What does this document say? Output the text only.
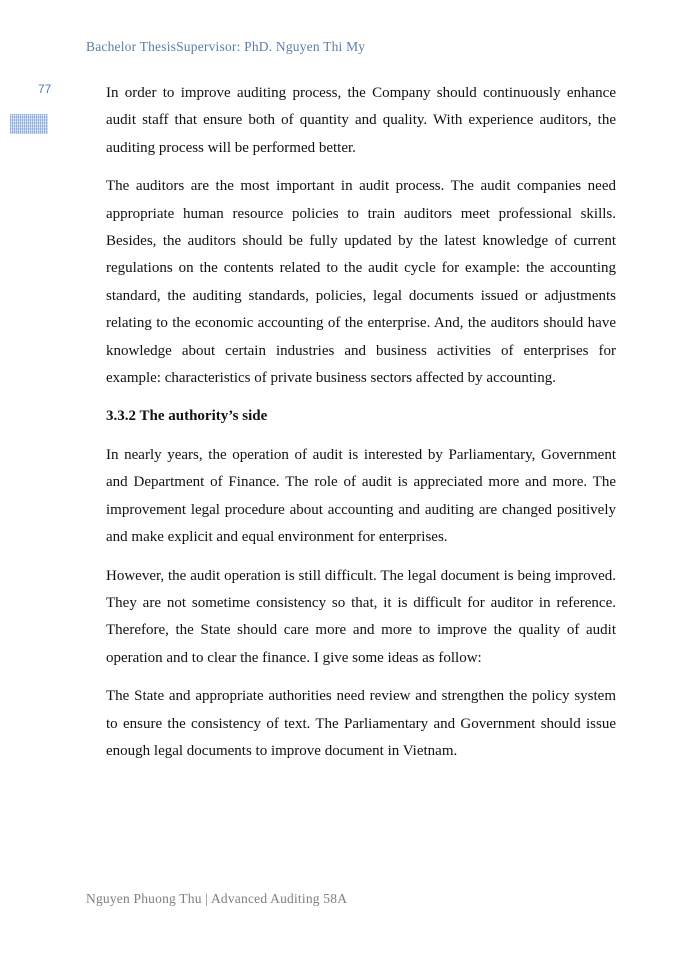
Bachelor ThesisSupervisor: PhD. Nguyen Thi My
77	In order to improve auditing process, the Company should continuously enhance audit staff that ensure both of quantity and quality. With experience auditors, the auditing process will be performed better.

The auditors are the most important in audit process. The audit companies need appropriate human resource policies to train auditors meet professional skills. Besides, the auditors should be fully updated by the latest knowledge of current regulations on the contents related to the audit cycle for example: the accounting standard, the auditing standards, policies, legal documents issued or adjustments relating to the economic accounting of the enterprise. And, the auditors should have knowledge about certain industries and business activities of enterprises for example: characteristics of private business sectors affected by accounting.

3.3.2 The authority’s side

In nearly years, the operation of audit is interested by Parliamentary, Government and Department of Finance. The role of audit is appreciated more and more. The improvement legal procedure about accounting and auditing are changed positively and make explicit and equal environment for enterprises.

However, the audit operation is still difficult. The legal document is being improved. They are not sometime consistency so that, it is difficult for auditor in reference. Therefore, the State should care more and more to improve the quality of audit operation and to clear the finance. I give some ideas as follow:

The State and appropriate authorities need review and strengthen the policy system to ensure the consistency of text. The Parliamentary and Government should issue enough legal documents to improve document in Vietnam.

Nguyen Phuong Thu | Advanced Auditing 58A
